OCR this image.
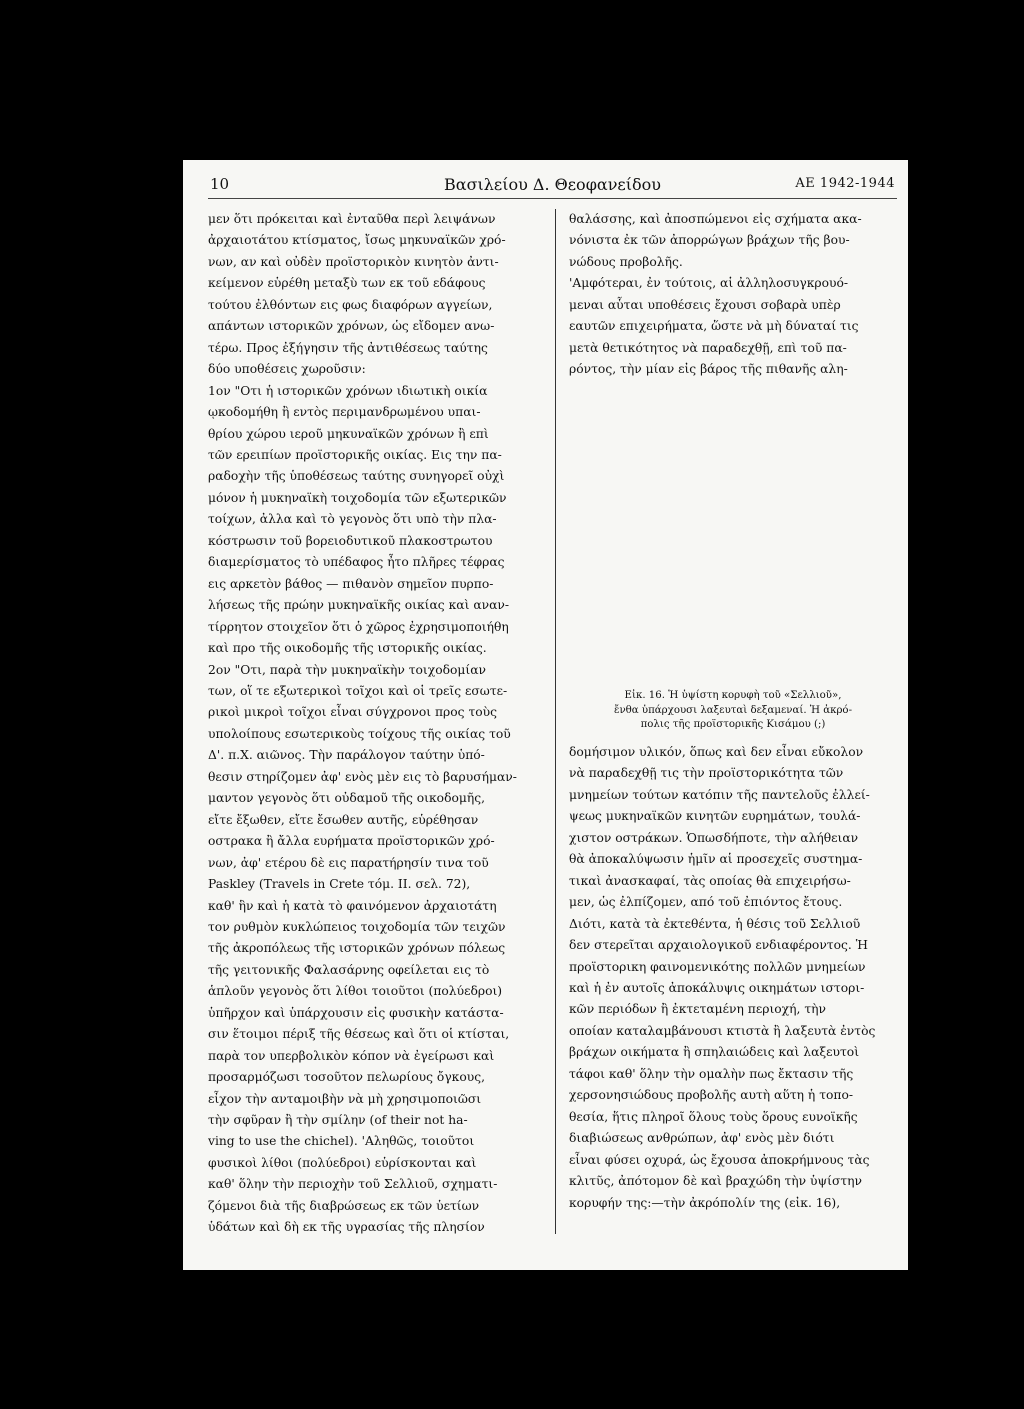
10	Βασιλείου Δ. Θεοφανείδου	ΑΕ 1942-1944
μεν ὅτι πρόκειται καὶ ἐνταῦθα περὶ λειψάνων
ἀρχαιοτάτου κτίσματος, ἴσως μηκυναϊκῶν χρό-
νων, αν καὶ οὐδὲν προϊστορικὸν κινητὸν ἀντι-
κείμενον εὑρέθη μεταξὺ των εκ τοῦ εδάφους
τούτου ἐλθόντων εις φως διαφόρων αγγείων,
απάντων ιστορικῶν χρόνων, ὡς εἴδομεν ανω-
τέρω. Προς ἐξήγησιν τῆς ἀντιθέσεως ταύτης
δύο υποθέσεις χωροῦσιν:
1ον "Οτι ἡ ιστορικῶν χρόνων ιδιωτικὴ οικία
ῳκοδομήθη ἢ εντὸς περιμανδρωμένου υπαι-
θρίου χώρου ιεροῦ μηκυναϊκῶν χρόνων ἢ επὶ
τῶν ερειπίων προϊστορικῆς οικίας. Εις την πα-
ραδοχὴν τῆς ὑποθέσεως ταύτης συνηγορεῖ οὐχὶ
μόνον ἡ μυκηναϊκὴ τοιχοδομία τῶν εξωτερικῶν
τοίχων, ἀλλα καὶ τὸ γεγονὸς ὅτι υπὸ τὴν πλα-
κόστρωσιν τοῦ βορειοδυτικοῦ πλακοστρωτου
διαμερίσματος τὸ υπέδαφος ἦτο πλῆρες τέφρας
εις αρκετὸν βάθος — πιθανὸν σημεῖον πυρπο-
λήσεως τῆς πρώην μυκηναϊκῆς οικίας καὶ αναν-
τίρρητον στοιχεῖον ὅτι ὁ χῶρος ἐχρησιμοποιήθη
καὶ προ τῆς οικοδομῆς τῆς ιστορικῆς οικίας.
2ον "Οτι, παρὰ τὴν μυκηναϊκὴν τοιχοδομίαν
των, οἵ τε εξωτερικοὶ τοῖχοι καὶ οἱ τρεῖς εσωτε-
ρικοὶ μικροὶ τοῖχοι εἶναι σύγχρονοι προς τοὺς
υπολοίπους εσωτερικοὺς τοίχους τῆς οικίας τοῦ
Δ'. π.Χ. αιῶνος. Τὴν παράλογον ταύτην ὑπό-
θεσιν στηρίζομεν ἀφ' ενὸς μὲν εις τὸ βαρυσήμαν-
μαντον γεγονὸς ὅτι οὐδαμοῦ τῆς οικοδομῆς,
εἴτε ἔξωθεν, εἴτε ἔσωθεν αυτῆς, εὑρέθησαν
οστρακα ἢ ἄλλα ευρήματα προϊστορικῶν χρό-
νων, ἀφ' ετέρου δὲ εις παρατήρησίν τινα τοῦ
Paskley (Travels in Crete τόμ. II. σελ. 72),
καθ' ἣν καὶ ἡ κατὰ τὸ φαινόμενον ἀρχαιοτάτη
τον ρυθμὸν κυκλώπειος τοιχοδομία τῶν τειχῶν
τῆς ἀκροπόλεως τῆς ιστορικῶν χρόνων πόλεως
τῆς γειτονικῆς Φαλασάρνης οφείλεται εις τὸ
ἁπλοῦν γεγονὸς ὅτι λίθοι τοιοῦτοι (πολύεδροι)
ὑπῆρχον καὶ ὑπάρχουσιν εἰς φυσικὴν κατάστα-
σιν ἕτοιμοι πέριξ τῆς θέσεως καὶ ὅτι οἱ κτίσται,
παρὰ τον υπερβολικὸν κόπον νὰ ἐγείρωσι καὶ
προσαρμόζωσι τοσοῦτον πελωρίους ὄγκους,
εἶχον τὴν ανταμοιβὴν νὰ μὴ χρησιμοποιῶσι
τὴν σφῦραν ἢ τὴν σμίλην (of their not ha-
ving to use the chichel). 'Αληθῶς, τοιοῦτοι
φυσικοὶ λίθοι (πολύεδροι) εὑρίσκονται καὶ
καθ' ὅλην τὴν περιοχὴν τοῦ Σελλιοῦ, σχηματι-
ζόμενοι διὰ τῆς διαβρώσεως εκ τῶν ὑετίων
ὑδάτων καὶ δὴ εκ τῆς υγρασίας τῆς πλησίον
θαλάσσης, καὶ ἀποσπώμενοι εἰς σχήματα ακα-
νόνιστα ἐκ τῶν ἀπορρώγων βράχων τῆς βου-
νώδους προβολῆς.
'Αμφότεραι, ἐν τούτοις, αἱ ἀλληλοσυγκρουό-
μεναι αὗται υποθέσεις ἔχουσι σοβαρὰ υπὲρ
εαυτῶν επιχειρήματα, ὥστε νὰ μὴ δύναταί τις
μετὰ θετικότητος νὰ παραδεχθῇ, επὶ τοῦ πα-
ρόντος, τὴν μίαν εἰς βάρος τῆς πιθανῆς αλη-
Εἰκ. 16. Ἡ ὑψίστη κορυφὴ τοῦ «Σελλιοῦ»,
ἔνθα ὑπάρχουσι λαξευταὶ δεξαμεναί. Ἡ ἀκρό-
πολις τῆς προϊστορικῆς Κισάμου (;)
δομήσιμον υλικόν, ὅπως καὶ δεν εἶναι εὔκολον
νὰ παραδεχθῇ τις τὴν προϊστορικότητα τῶν
μνημείων τούτων κατόπιν τῆς παντελοῦς ἐλλεί-
ψεως μυκηναϊκῶν κινητῶν ευρημάτων, τουλά-
χιστον οστράκων. Ὁπωσδήποτε, τὴν αλήθειαν
θὰ ἀποκαλύψωσιν ἡμῖν αἱ προσεχεῖς συστημα-
τικαὶ ἀνασκαφαί, τὰς οποίας θὰ επιχειρήσω-
μεν, ὡς ἐλπίζομεν, από τοῦ ἐπιόντος ἔτους.
Διότι, κατὰ τὰ ἐκτεθέντα, ἡ θέσις τοῦ Σελλιοῦ
δεν στερεῖται αρχαιολογικοῦ ενδιαφέροντος. Ἡ
προϊστορικη φαινομενικότης πολλῶν μνημείων
καὶ ἡ ἐν αυτοῖς ἀποκάλυψις οικημάτων ιστορι-
κῶν περιόδων ἢ ἐκτεταμένη περιοχή, τὴν
οποίαν καταλαμβάνουσι κτιστὰ ἢ λαξευτὰ ἐντὸς
βράχων οικήματα ἢ σπηλαιώδεις καὶ λαξευτοὶ
τάφοι καθ' ὅλην τὴν ομαλὴν πως ἔκτασιν τῆς
χερσονησιώδους προβολῆς αυτὴ αὕτη ἡ τοπο-
θεσία, ἥτις πληροῖ ὅλους τοὺς ὅρους ευνοϊκῆς
διαβιώσεως ανθρώπων, ἀφ' ενὸς μὲν διότι
εἶναι φύσει οχυρά, ὡς ἔχουσα ἀποκρήμνους τὰς
κλιτῦς, ἀπότομον δὲ καὶ βραχώδη τὴν ὑψίστην
κορυφήν της:—τὴν ἀκρόπολίν της (εἰκ. 16),
